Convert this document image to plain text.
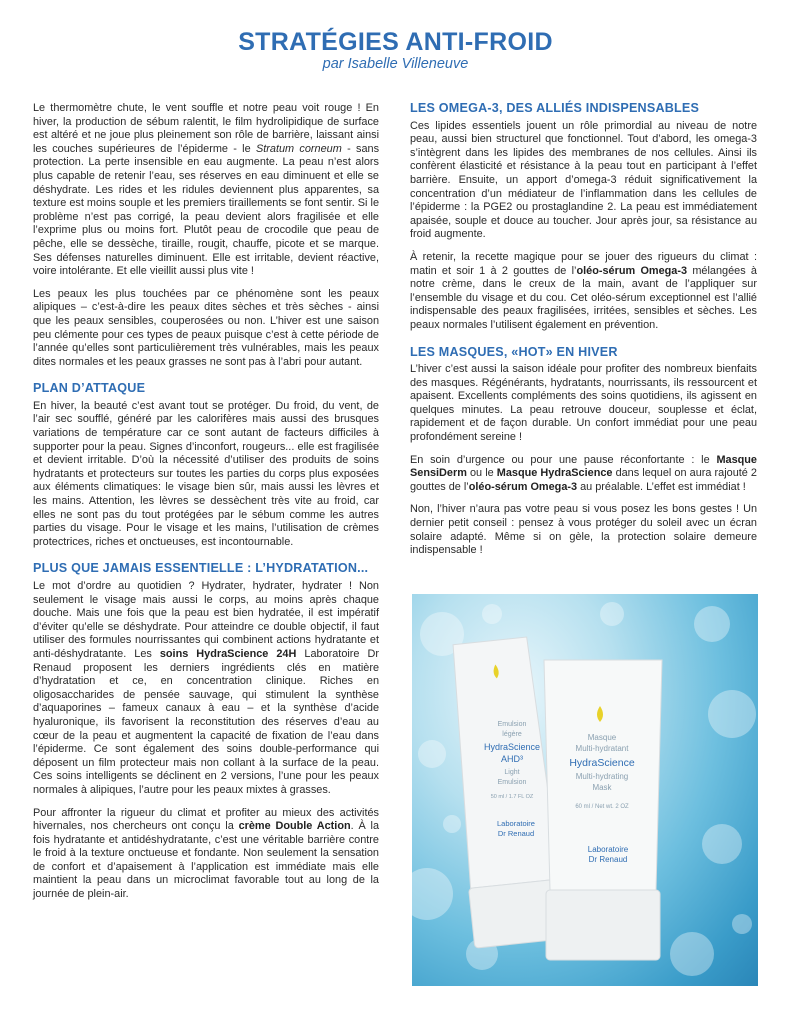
STRATÉGIES ANTI-FROID
par Isabelle Villeneuve

Le thermomètre chute, le vent souffle et notre peau voit rouge ! En hiver, la production de sébum ralentit, le film hydrolipidique de surface est altéré et ne joue plus pleinement son rôle de barrière, laissant ainsi les couches supérieures de l’épiderme - le Stratum corneum - sans protection. La perte insensible en eau augmente. La peau n’est alors plus capable de retenir l’eau, ses réserves en eau diminuent et elle se déshydrate. Les rides et les ridules deviennent plus apparentes, sa texture est moins souple et les premiers tiraillements se font sentir. Si le problème n’est pas corrigé, la peau devient alors fragilisée et elle l’exprime plus ou moins fort. Plutôt peau de crocodile que peau de pêche, elle se dessèche, tiraille, rougit, chauffe, picote et se marque. Ses défenses naturelles diminuent. Elle est irritable, devient réactive, voire intolérante. Et elle vieillit aussi plus vite !

Les peaux les plus touchées par ce phénomène sont les peaux alipiques – c’est-à-dire les peaux dites sèches et très sèches - ainsi que les peaux sensibles, couperosées ou non. L’hiver est une saison peu clémente pour ces types de peaux puisque c’est à cette période de l’année qu’elles sont particulièrement très vulnérables, mais les peaux dites normales et les peaux grasses ne sont pas à l’abri pour autant.

PLAN D’ATTAQUE

En hiver, la beauté c’est avant tout se protéger. Du froid, du vent, de l’air sec soufflé, généré par les calorifères mais aussi des brusques variations de température car ce sont autant de facteurs difficiles à supporter pour la peau. Signes d’inconfort, rougeurs... elle est fragilisée et devient irritable. D’où la nécessité d’utiliser des produits de soins hydratants et protecteurs sur toutes les parties du corps plus exposées aux éléments climatiques: le visage bien sûr, mais aussi les lèvres et les mains. Attention, les lèvres se dessèchent très vite au froid, car elles ne sont pas du tout protégées par le sébum comme les autres parties du visage. Pour le visage et les mains, l’utilisation de crèmes protectrices, riches et onctueuses, est incontournable.

PLUS QUE JAMAIS ESSENTIELLE : L’HYDRATATION...

Le mot d’ordre au quotidien ? Hydrater, hydrater, hydrater ! Non seulement le visage mais aussi le corps, au moins après chaque douche. Mais une fois que la peau est bien hydratée, il est impératif d’éviter qu’elle se déshydrate. Pour atteindre ce double objectif, il faut utiliser des formules nourrissantes qui combinent actions hydratante et anti-déshydratante. Les soins HydraScience 24H Laboratoire Dr Renaud proposent les derniers ingrédients clés en matière d’hydratation et ce, en concentration clinique. Riches en oligosaccharides de pensée sauvage, qui stimulent la synthèse d’aquaporines – fameux canaux à eau – et la synthèse d’acide hyaluronique, ils favorisent la reconstitution des réserves d’eau au cœur de la peau et augmentent la capacité de fixation de l’eau dans l’épiderme. Ce sont également des soins double-performance qui déposent un film protecteur mais non collant à la surface de la peau. Ces soins intelligents se déclinent en 2 versions, l’une pour les peaux normales à alipiques, l’autre pour les peaux mixtes à grasses.

Pour affronter la rigueur du climat et profiter au mieux des activités hivernales, nos chercheurs ont conçu la crème Double Action. À la fois hydratante et antidéshydratante, c’est une véritable barrière contre le froid à la texture onctueuse et fondante. Non seulement la sensation de confort et d’apaisement à l’application est immédiate mais elle maintient la peau dans un microclimat favorable tout au long de la journée de plein-air.

LES OMEGA-3, DES ALLIÉS INDISPENSABLES

Ces lipides essentiels jouent un rôle primordial au niveau de notre peau, aussi bien structurel que fonctionnel. Tout d’abord, les omega-3 s’intègrent dans les lipides des membranes de nos cellules. Ainsi ils confèrent élasticité et résistance à la peau tout en participant à l’effet barrière. Ensuite, un apport d’omega-3 réduit significativement la concentration d’un médiateur de l’inflammation dans les cellules de l’épiderme : la PGE2 ou prostaglandine 2. La peau est immédiatement apaisée, souple et douce au toucher. Jour après jour, sa résistance au froid augmente.

À retenir, la recette magique pour se jouer des rigueurs du climat : matin et soir 1 à 2 gouttes de l’oléo-sérum Omega-3 mélangées à notre crème, dans le creux de la main, avant de l’appliquer sur l’ensemble du visage et du cou. Cet oléo-sérum exceptionnel est l’allié indispensable des peaux fragilisées, irritées, sensibles et sèches. Les peaux normales l’utilisent également en prévention.

LES MASQUES, «HOT» EN HIVER

L’hiver c’est aussi la saison idéale pour profiter des nombreux bienfaits des masques. Régénérants, hydratants, nourrissants, ils ressourcent et apaisent. Excellents compléments des soins quotidiens, ils agissent en quelques minutes. La peau retrouve douceur, souplesse et éclat, rapidement et de façon durable. Un confort immédiat pour une peau profondément sereine !

En soin d’urgence ou pour une pause réconfortante : le Masque SensiDerm ou le Masque HydraScience dans lequel on aura rajouté 2 gouttes de l’oléo-sérum Omega-3 au préalable. L’effet est immédiat !

Non, l’hiver n’aura pas votre peau si vous posez les bons gestes ! Un dernier petit conseil : pensez à vous protéger du soleil avec un écran solaire adapté. Même si on gèle, la protection solaire demeure indispensable !

Emulsion
légère
HydraScience
AHD³
Light
Emulsion
50 ml / 1.7 FL OZ
Laboratoire
Dr Renaud
Masque
Multi-hydratant
HydraScience
Multi-hydrating
Mask
60 ml / Net wt. 2 OZ
Laboratoire
Dr Renaud
